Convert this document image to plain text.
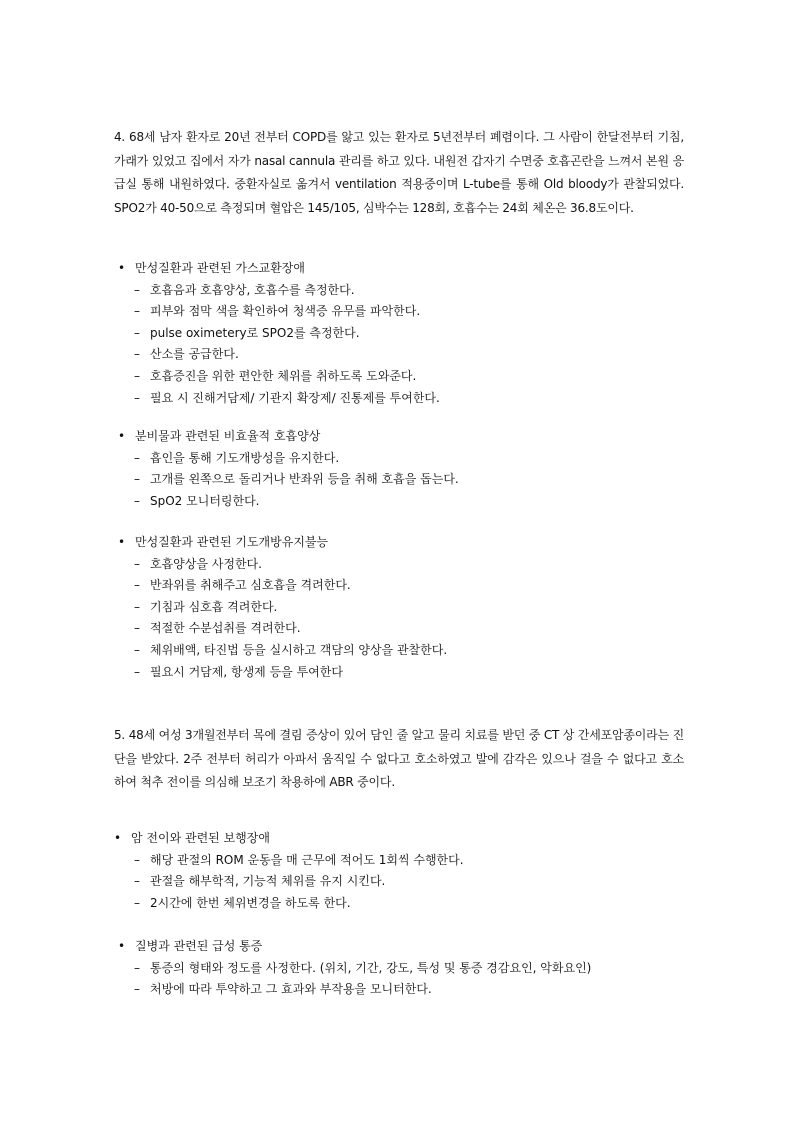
4. 68세 남자 환자로 20년 전부터 COPD를 앓고 있는 환자로 5년전부터 폐렴이다. 그 사람이 한달전부터 기침, 가래가 있었고 집에서 자가 nasal cannula 관리를 하고 있다. 내원전 갑자기 수면중 호흡곤란을 느껴서 본원 응급실 통해 내원하였다. 중환자실로 옮겨서 ventilation 적용중이며 L-tube를 통해 Old bloody가 관찰되었다. SPO2가 40-50으로 측정되며 혈압은 145/105, 심박수는 128회, 호흡수는 24회 체온은 36.8도이다.

• 만성질환과 관련된 가스교환장애

– 호흡음과 호흡양상, 호흡수를 측정한다.
– 피부와 점막 색을 확인하여 청색증 유무를 파악한다.
– pulse oximetery로 SPO2를 측정한다.
– 산소를 공급한다.
– 호흡증진을 위한 편안한 체위를 취하도록 도와준다.
– 필요 시 진해거담제/ 기관지 확장제/ 진통제를 투여한다.

• 분비물과 관련된 비효율적 호흡양상

– 흡인을 통해 기도개방성을 유지한다.
– 고개를 왼쪽으로 돌리거나 반좌위 등을 취해 호흡을 돕는다.
– SpO2 모니터링한다.

• 만성질환과 관련된 기도개방유지불능

– 호흡양상을 사정한다.
– 반좌위를 취해주고 심호흡을 격려한다.
– 기침과 심호흡 격려한다.
– 적절한 수분섭취를 격려한다.
– 체위배액, 타진법 등을 실시하고 객담의 양상을 관찰한다.
– 필요시 거담제, 항생제 등을 투여한다

5. 48세 여성 3개월전부터 목에 결림 증상이 있어 담인 줄 알고 물리 치료를 받던 중 CT 상 간세포암종이라는 진단을 받았다. 2주 전부터 허리가 아파서 움직일 수 없다고 호소하였고 발에 감각은 있으나 걸을 수 없다고 호소하여 척추 전이를 의심해 보조기 착용하에 ABR 중이다.

• 암 전이와 관련된 보행장애

– 해당 관절의 ROM 운동을 매 근무에 적어도 1회씩 수행한다.
– 관절을 해부학적, 기능적 체위를 유지 시킨다.
– 2시간에 한번 체위변경을 하도록 한다.

• 질병과 관련된 급성 통증

– 통증의 형태와 정도를 사정한다. (위치, 기간, 강도, 특성 및 통증 경감요인, 악화요인)
– 처방에 따라 투약하고 그 효과와 부작용을 모니터한다.
